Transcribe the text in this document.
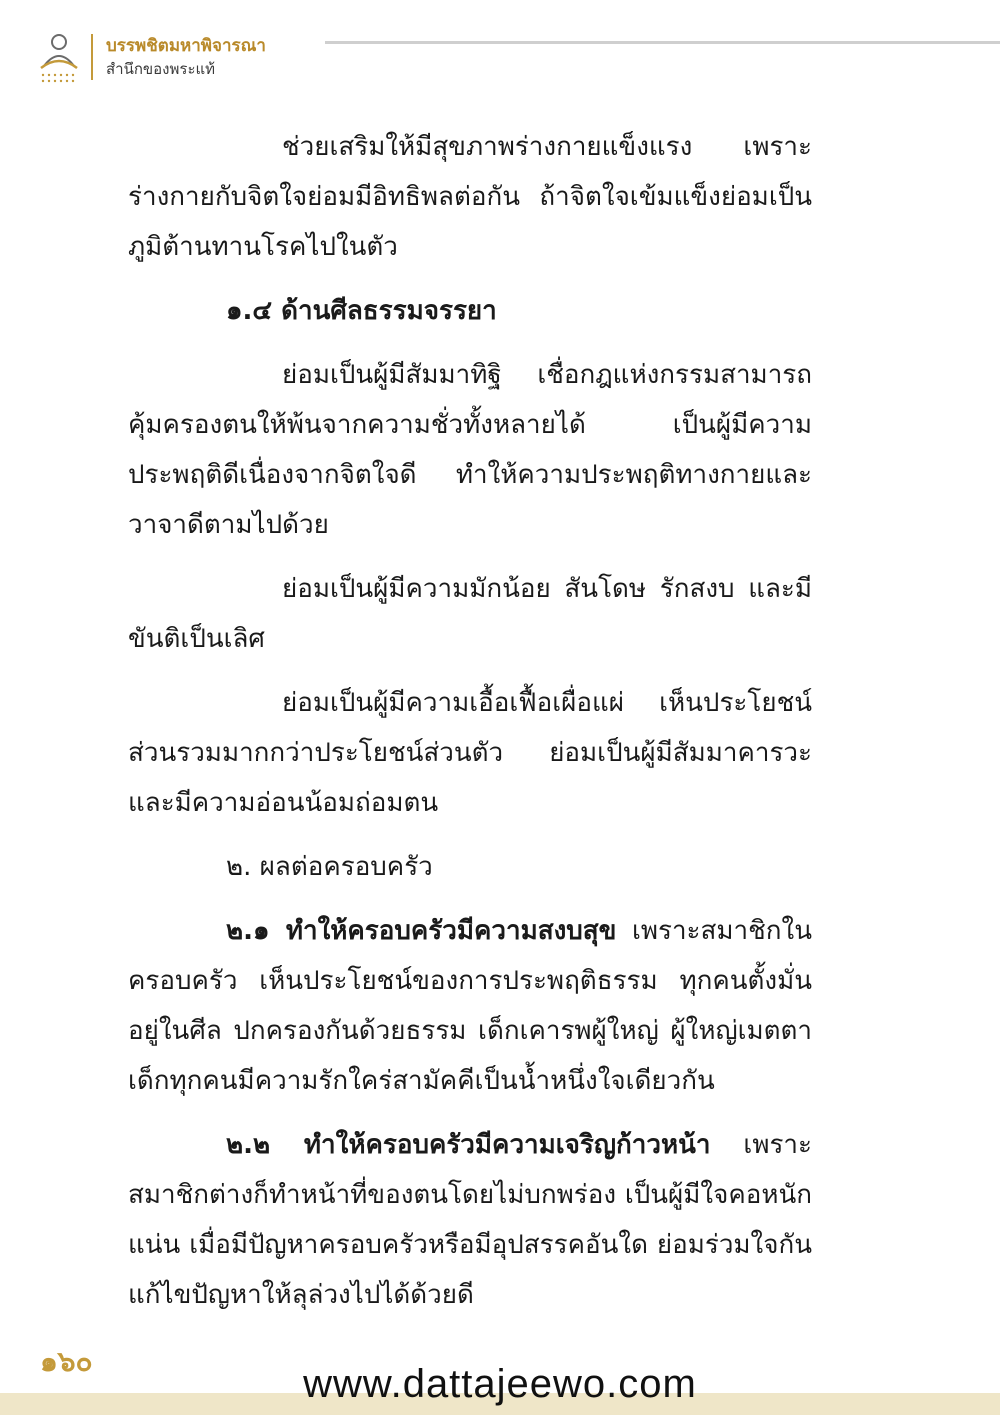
บรรพชิตมหาพิจารณา
สำนึกของพระแท้

ช่วยเสริมให้มีสุขภาพร่างกายแข็งแรง เพราะร่างกายกับจิตใจย่อมมีอิทธิพลต่อกัน ถ้าจิตใจเข้มแข็งย่อมเป็นภูมิต้านทานโรคไปในตัว

๑.๔ ด้านศีลธรรมจรรยา

ย่อมเป็นผู้มีสัมมาทิฐิ เชื่อกฎแห่งกรรมสามารถคุ้มครองตนให้พ้นจากความชั่วทั้งหลายได้ เป็นผู้มีความประพฤติดีเนื่องจากจิตใจดี ทำให้ความประพฤติทางกายและวาจาดีตามไปด้วย

ย่อมเป็นผู้มีความมักน้อย สันโดษ รักสงบ และมีขันติเป็นเลิศ

ย่อมเป็นผู้มีความเอื้อเฟื้อเผื่อแผ่ เห็นประโยชน์ส่วนรวมมากกว่าประโยชน์ส่วนตัว ย่อมเป็นผู้มีสัมมาคารวะและมีความอ่อนน้อมถ่อมตน

๒. ผลต่อครอบครัว

๒.๑ ทำให้ครอบครัวมีความสงบสุข เพราะสมาชิกในครอบครัว เห็นประโยชน์ของการประพฤติธรรม ทุกคนตั้งมั่นอยู่ในศีล ปกครองกันด้วยธรรม เด็กเคารพผู้ใหญ่ ผู้ใหญ่เมตตาเด็กทุกคนมีความรักใคร่สามัคคีเป็นน้ำหนึ่งใจเดียวกัน

๒.๒ ทำให้ครอบครัวมีความเจริญก้าวหน้า เพราะสมาชิกต่างก็ทำหน้าที่ของตนโดยไม่บกพร่อง เป็นผู้มีใจคอหนักแน่น เมื่อมีปัญหาครอบครัวหรือมีอุปสรรคอันใด ย่อมร่วมใจกันแก้ไขปัญหาให้ลุล่วงไปได้ด้วยดี

๑๖๐
www.dattajeewo.com
